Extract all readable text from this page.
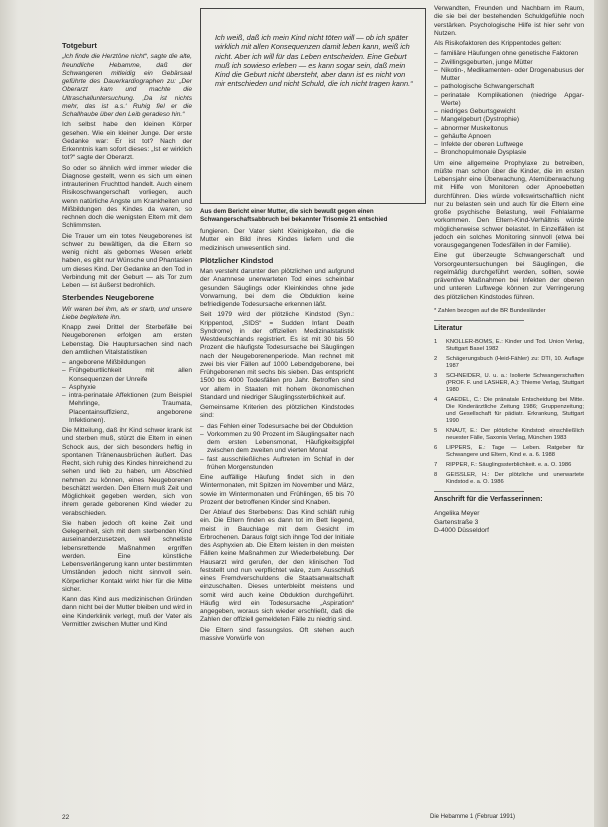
Totgeburt

„Ich finde die Herztöne nicht“, sagte die alte, freundliche Hebamme, daß der Schwangeren mitleidig ein Gebärsaal geführte des Dauerkardiographen zu: „Der Oberarzt kam und machte die Ultraschalluntersuchung. ‚Da ist nichts mehr, das ist a.s.‘ Ruhig fiel er die Schallhaube über den Leib geradeso hin.“

Ich selbst habe den kleinen Körper gesehen. Wie ein kleiner Junge. Der erste Gedanke war: Er ist tot? Nach der Erkenntnis kam sofort dieses: „Ist er wirklich tot?“ sagte der Oberarzt.

So oder so ähnlich wird immer wieder die Diagnose gestellt, wenn es sich um einen intrauterinen Fruchttod handelt. Auch einem Risikoschwangerschaft vorliegen, auch wenn natürliche Angste um Krankheiten und Mißbildungen des Kindes da waren, so rechnen doch die wenigsten Eltern mit dem Schlimmsten.

Die Trauer um ein totes Neugeborenes ist schwer zu bewältigen, da die Eltern so wenig nicht als gebornes Wesen erlebt haben, es gibt nur Wünsche und Phantasien um dieses Kind. Der Gedanke an den Tod in Verbindung mit der Geburt — als Tor zum Leben — ist äußerst bedrohlich.

Sterbendes Neugeborene

Wir waren bei ihm, als er starb, und unsere Liebe begleitete ihn.

Knapp zwei Drittel der Sterbefälle bei Neugeborenen erfolgen am ersten Lebenstag. Die Hauptursachen sind nach den amtlichen Vitalstatistiken

– angeborene Mißbildungen
– Frühgeburtlichkeit mit allen Konsequenzen der Unreife
– Asphyxie
– intra-perinatale Affektionen (zum Beispiel Mehrlinge, Traumata, Placentainsuffizienz, angeborene Infektionen).

Die Mitteilung, daß ihr Kind schwer krank ist und sterben muß, stürzt die Eltern in einen Schock aus, der sich besonders heftig in spontanen Tränenausbrüchen äußert. Das Recht, sich ruhig des Kindes hinreichend zu sehen und lieb zu haben, um Abschied nehmen zu können, eines Neugeborenen beschätzt werden. Den Eltern muß Zeit und Möglichkeit gegeben werden, sich von ihrem gerade geborenen Kind wieder zu verabschieden.

Sie haben jedoch oft keine Zeit und Gelegenheit, sich mit dem sterbenden Kind auseinanderzusetzen, weil schnellste lebensrettende Maßnahmen ergriffen werden. Eine künstliche Lebensverlängerung kann unter bestimmten Umständen jedoch nicht sinnvoll sein. Körperlicher Kontakt wirkt hier für die Mitte sicher.

Kann das Kind aus medizinischen Gründen dann nicht bei der Mutter bleiben und wird in eine Kinderklinik verlegt, muß der Vater als Vermittler zwischen Mutter und Kind

Ich weiß, daß ich mein Kind nicht töten will — ob ich später wirklich mit allen Konsequenzen damit leben kann, weiß ich nicht. Aber ich will für das Leben entscheiden. Eine Geburt muß ich sowieso erleben — es kann sogar sein, daß mein Kind die Geburt nicht übersteht, aber dann ist es nicht von mir entschieden und nicht Schuld, die ich nicht tragen kann.“
Aus dem Bericht einer Mutter, die sich bewußt gegen einen Schwangerschaftsabbruch bei bekannter Trisomie 21 entschied

fungieren. Der Vater sieht Kleinigkeiten, die die Mutter ein Bild ihres Kindes liefern und die medizinisch unwesentlich sind.

Plötzlicher Kindstod

Man versteht darunter den plötzlichen und aufgrund der Anamnese unerwarteten Tod eines scheinbar gesunden Säuglings oder Kleinkindes ohne jede Vorwarnung, bei dem die Obduktion keine befriedigende Todesursache erkennen läßt.

Seit 1979 wird der plötzliche Kindstod (Syn.: Krippentod, „SIDS“ = Sudden Infant Death Syndrome) in der offiziellen Medizinalstatistik Westdeutschlands registriert. Es ist mit 30 bis 50 Prozent die häufigste Todesursache bei Säuglingen nach der Neugeborenenperiode. Man rechnet mit zwei bis vier Fällen auf 1000 Lebendgeborene, bei Frühgeborenen mit sechs bis sieben. Das entspricht 1500 bis 4000 Todesfällen pro Jahr. Betroffen sind vor allem in Staaten mit hohem ökonomischen Standard und niedriger Säuglingssterblichkeit auf.

Gemeinsame Kriterien des plötzlichen Kindstodes sind:

– das Fehlen einer Todesursache bei der Obduktion
– Vorkommen zu 90 Prozent im Säuglingsalter nach dem ersten Lebensmonat, Häufigkeitsgipfel zwischen dem zweiten und vierten Monat
– fast ausschließliches Auftreten im Schlaf in der frühen Morgenstunden

Eine auffällige Häufung findet sich in den Wintermonaten, mit Spitzen im November und März, sowie im Wintermonaten und Frühlingen, 65 bis 70 Prozent der betroffenen Kinder sind Knaben.

Der Ablauf des Sterbebens: Das Kind schläft ruhig ein. Die Eltern finden es dann tot im Bett liegend, meist in Bauchlage mit dem Gesicht im Erbrochenen. Daraus folgt sich ihnge Tod der Initiale des Asphyxien ab. Die Eltern leisten in den meisten Fällen keine Maßnahmen zur Wiederbelebung. Der Hausarzt wird gerufen, der den klinischen Tod feststellt und nun verpflichtet wäre, zum Ausschluß eines Fremdverschuldens die Staatsanwaltschaft einzuschalten. Dieses unterbleibt meistens und somit wird auch keine Obduktion durchgeführt. Häufig wird ein Todesursache „Aspiration“ angegeben, woraus sich wieder erschließt, daß die Zahlen der offiziell gemeldeten Fälle zu niedrig sind.

Die Eltern sind fassungslos. Oft stehen auch massive Vorwürfe von

Verwandten, Freunden und Nachbarn im Raum, die sie bei der bestehenden Schuldgefühle noch verstärken. Psychologische Hilfe ist hier sehr von Nutzen.

Als Risikofaktoren des Krippentodes gelten:

– familiäre Häufungen ohne genetische Faktoren
– Zwillingsgeburten, junge Mütter
– Nikotin-, Medikamenten- oder Drogenabusus der Mutter
– pathologische Schwangerschaft
– perinatale Komplikationen (niedrige Apgar-Werte)
– niedriges Geburtsgewicht
– Mangelgeburt (Dystrophie)
– abnormer Muskeltonus
– gehäufte Apnoen
– Infekte der oberen Luftwege
– Bronchopulmonale Dysplasie

Um eine allgemeine Prophylaxe zu betreiben, müßte man schon über die Kinder, die im ersten Lebensjahr eine Überwachung, Atemüberwachung mit Hilfe von Monitoren oder Apnoebetten durchführen. Dies würde volkswirtschaftlich nicht nur zu belasten sein und auch für die Eltern eine große psychische Belastung, weil Fehlalarme vorkommen. Den Eltern-Kind-Verhältnis würde möglicherweise schwer belastet. In Einzelfällen ist jedoch ein solches Monitoring sinnvoll (etwa bei vorausgegangenen Todesfällen in der Familie).

Eine gut überzeugte Schwangerschaft und Vorsorgeuntersuchungen bei Säuglingen, die regelmäßig durchgeführt werden, sollten, sowie präventive Maßnahmen bei Infekten der oberen und unteren Luftwege können zur Verringerung des plötzlichen Kindstodes führen.

* Zahlen bezogen auf die BR Bundesländer
Literatur
1	KNOLLER-BOMS, E.: Kinder und Tod. Union Verlag, Stuttgart Basel 1982
2	Schägerungsbuch (Heid-Fähler) zu: DTI, 10. Auflage 1987
3	SCHNEIDER, U. u. a.: Isolierte Schwangerschaften (PROF. F. und LASHER, A.): Thieme Verlag, Stuttgart 1980
4	GAEDEL, C.: Die pränatale Entscheidung bei Mitte. Die Kinderärztliche Zeitung 1986; Gruppenzeitung; und Gesellschaft für pädiatr. Erkrankung, Stuttgart 1990
5	KNAUT, E.: Der plötzliche Kindstod: einschließlich neuester Fälle, Saxonia Verlag, München 1983
6	LIPPERS, E.: Tage — Leben. Ratgeber für Schwangere und Eltern, Kind e. a. 6. 1988
7	RIPPER, F.: Säuglingssterblichkeit. e. a. O. 1986
8	GEISSLER, H.: Der plötzliche und unerwartete Kindstod e. a. O. 1986
Anschrift für die Verfasserinnen:
Angelika Meyer
Gartenstraße 3
D-4000 Düsseldorf
22	Die Hebamme 1 (Februar 1991)
